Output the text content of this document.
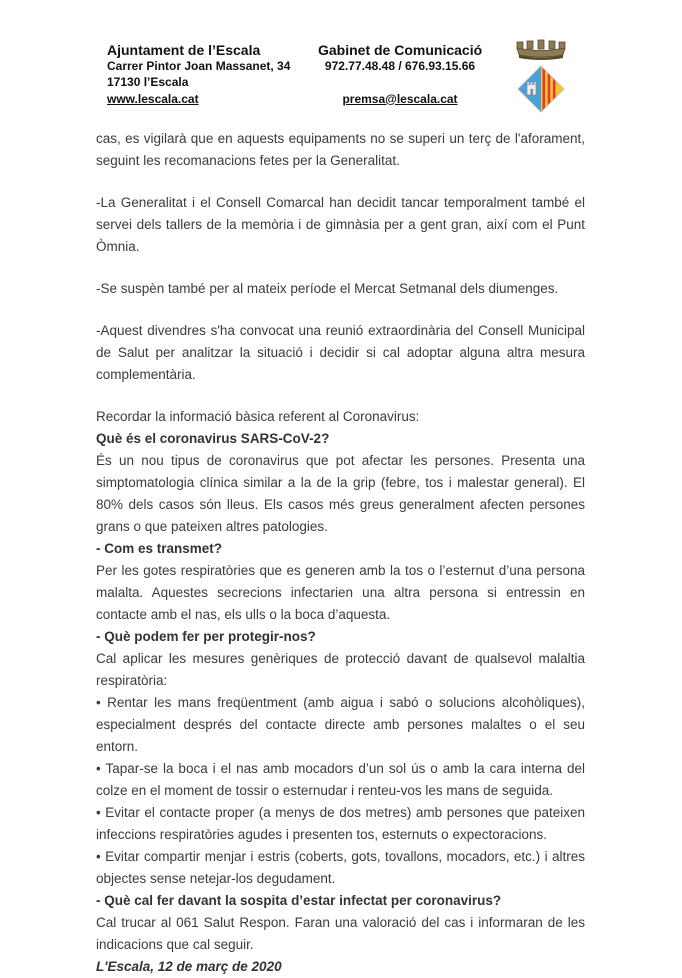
Ajuntament de l’Escala
Carrer Pintor Joan Massanet, 34
17130 l’Escala
www.lescala.cat
Gabinet de Comunicació
972.77.48.48 / 676.93.15.66
premsa@lescala.cat

cas, es vigilarà que en aquests equipaments no se superi un terç de l'aforament, seguint les recomanacions fetes per la Generalitat.

-La Generalitat i el Consell Comarcal han decidit tancar temporalment també el servei dels tallers de la memòria i de gimnàsia per a gent gran, així com el Punt Òmnia.

-Se suspèn també per al mateix període el Mercat Setmanal dels diumenges.

-Aquest divendres s'ha convocat una reunió extraordinària del Consell Municipal de Salut per analitzar la situació i decidir si cal adoptar alguna altra mesura complementària.

Recordar la informació bàsica referent al Coronavirus:

Què és el coronavirus SARS-CoV-2?

És un nou tipus de coronavirus que pot afectar les persones. Presenta una simptomatologia clínica similar a la de la grip (febre, tos i malestar general). El 80% dels casos són lleus. Els casos més greus generalment afecten persones grans o que pateixen altres patologies.

- Com es transmet?

Per les gotes respiratòries que es generen amb la tos o l’esternut d’una persona malalta. Aquestes secrecions infectarien una altra persona si entressin en contacte amb el nas, els ulls o la boca d’aquesta.

- Què podem fer per protegir-nos?

Cal aplicar les mesures genèriques de protecció davant de qualsevol malaltia respiratòria:

• Rentar les mans freqüentment (amb aigua i sabó o solucions alcohòliques), especialment després del contacte directe amb persones malaltes o el seu entorn.

• Tapar-se la boca i el nas amb mocadors d’un sol ús o amb la cara interna del colze en el moment de tossir o esternudar i renteu-vos les mans de seguida.

• Evitar el contacte proper (a menys de dos metres) amb persones que pateixen infeccions respiratòries agudes i presenten tos, esternuts o expectoracions.

• Evitar compartir menjar i estris (coberts, gots, tovallons, mocadors, etc.) i altres objectes sense netejar-los degudament.

- Què cal fer davant la sospita d’estar infectat per coronavirus?

Cal trucar al 061 Salut Respon. Faran una valoració del cas i informaran de les indicacions que cal seguir.

L'Escala, 12 de març de 2020
